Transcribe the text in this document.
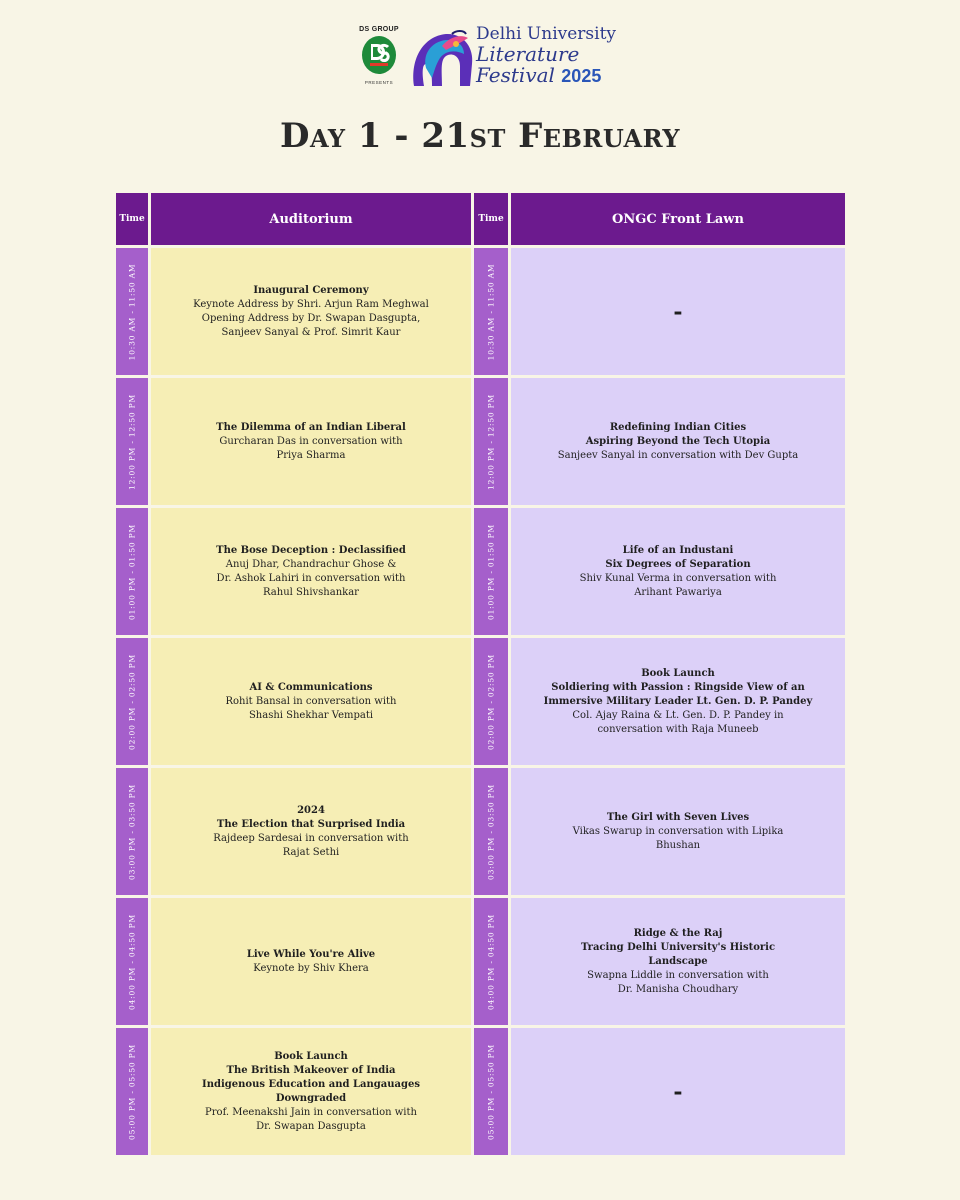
DS GROUP
PRESENTS
Delhi University
Literature
Festival 2025
Day 1 - 21st February
Time	Auditorium	Time	ONGC Front Lawn
10:30 AM - 11:50 AM	Inaugural Ceremony
Keynote Address by Shri. Arjun Ram Meghwal
Opening Address by Dr. Swapan Dasgupta,
Sanjeev Sanyal & Prof. Simrit Kaur	10:30 AM - 11:50 AM	-
12:00 PM - 12:50 PM	The Dilemma of an Indian Liberal
Gurcharan Das in conversation with
Priya Sharma	12:00 PM - 12:50 PM	Redefining Indian Cities
Aspiring Beyond the Tech Utopia
Sanjeev Sanyal in conversation with Dev Gupta
01:00 PM - 01:50 PM	The Bose Deception : Declassified
Anuj Dhar, Chandrachur Ghose &
Dr. Ashok Lahiri in conversation with
Rahul Shivshankar	01:00 PM - 01:50 PM	Life of an Industani
Six Degrees of Separation
Shiv Kunal Verma in conversation with
Arihant Pawariya
02:00 PM - 02:50 PM	AI & Communications
Rohit Bansal in conversation with
Shashi Shekhar Vempati	02:00 PM - 02:50 PM	Book Launch
Soldiering with Passion : Ringside View of an
Immersive Military Leader Lt. Gen. D. P. Pandey
Col. Ajay Raina & Lt. Gen. D. P. Pandey in
conversation with Raja Muneeb
03:00 PM - 03:50 PM	2024
The Election that Surprised India
Rajdeep Sardesai in conversation with
Rajat Sethi	03:00 PM - 03:50 PM	The Girl with Seven Lives
Vikas Swarup in conversation with Lipika
Bhushan
04:00 PM - 04:50 PM	Live While You're Alive
Keynote by Shiv Khera	04:00 PM - 04:50 PM	Ridge & the Raj
Tracing Delhi University's Historic
Landscape
Swapna Liddle in conversation with
Dr. Manisha Choudhary
05:00 PM - 05:50 PM	Book Launch
The British Makeover of India
Indigenous Education and Langauages Downgraded
Prof. Meenakshi Jain in conversation with
Dr. Swapan Dasgupta	05:00 PM - 05:50 PM	-
